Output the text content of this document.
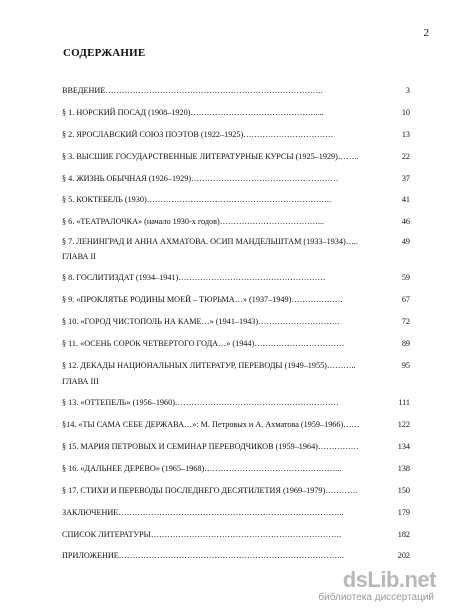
2
СОДЕРЖАНИЕ
ВВЕДЕНИЕ……………………………………………………………………..	3
§ 1. НОРСКИЙ ПОСАД (1908–1920)……………………………………….....	10
§ 2. ЯРОСЛАВСКИЙ СОЮЗ ПОЭТОВ (1922–1925)……………………………	13
§ 3. ВЫСШИЕ ГОСУДАРСТВЕННЫЕ ЛИТЕРАТУРНЫЕ КУРСЫ (1925–1929)……..	22
§ 4. ЖИЗНЬ ОБЫЧНАЯ (1926–1929)………………………………………………	37
§ 5. КОКТЕБЕЛЬ (1930)…………………………………………………………..	41
§ 6. «ТЕАТРАЛОЧКА» (начало 1930-х годов)………………………………...	46
§ 7. ЛЕНИНГРАД И АННА АХМАТОВА. ОСИП МАНДЕЛЬШТАМ (1933–1934)…..	49
ГЛАВА II
§ 8. ГОСЛИТИЗДАТ (1934–1941)………………………………………………	59
§ 9. «ПРОКЛЯТЬЕ РОДИНЫ МОЕЙ – ТЮРЬМА…» (1937–1949)……………….	67
§ 10. «ГОРОД ЧИСТОПОЛЬ НА КАМЕ…» (1941–1943)…………………………	72
§ 11. «ОСЕНЬ СОРОК ЧЕТВЕРТОГО ГОДА…» (1944)……………………………	89
§ 12. ДЕКАДЫ НАЦИОНАЛЬНЫХ ЛИТЕРАТУР, ПЕРЕВОДЫ (1949–1955)………..	95
ГЛАВА III
§ 13. «ОТТЕПЕЛЬ» (1956–1960)……………………………………………………	111
§14. «ТЫ САМА СЕБЕ ДЕРЖАВА…»: М. Петровых и А. Ахматова (1959–1966)……	122
§ 15. МАРИЯ ПЕТРОВЫХ И СЕМИНАР ПЕРЕВОДЧИКОВ (1959–1964)……………	134
§ 16. «ДАЛЬНЕЕ ДЕРЕВО» (1965–1968)…………………………………………...	138
§ 17. СТИХИ И ПЕРЕВОДЫ ПОСЛЕДНЕГО ДЕСЯТИЛЕТИЯ (1969–1979)…………	150
ЗАКЛЮЧЕНИЕ………………………………………………………………………..	179
СПИСОК ЛИТЕРАТУРЫ…………………………………………………………….	182
ПРИЛОЖЕНИЕ………………………………………………………………………..	202
dsLib.net
библиотека диссертаций
